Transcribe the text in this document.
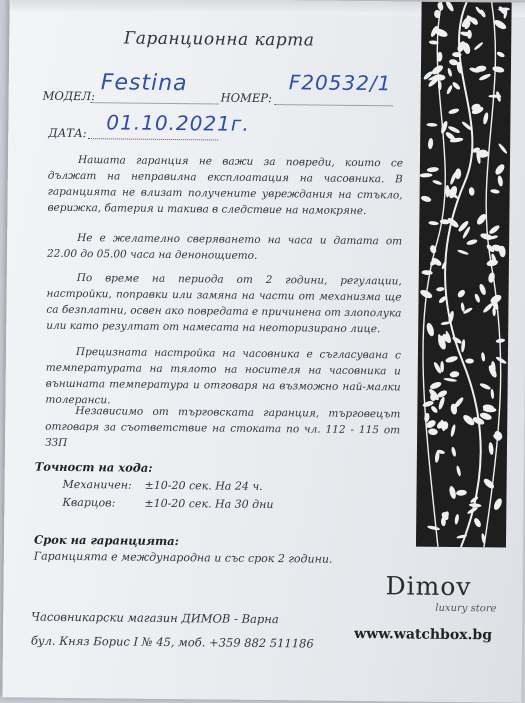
Гаранционна карта
МОДЕЛ: Festina
НОМЕР:
F20532/1
ДАТА: 01.10.2021г.
Нашата гаранция не важи за повреди, които се дължат на неправилна експлоатация на часовника. В гаранцията не влизат получените увреждания на стъкло, верижка, батерия и такива в следствие на намокряне.
Не е желателно сверяването на часа и датата от 22.00 до 05.00 часа на денонощието.
По време на периода от 2 години, регулации, настройки, поправки или замяна на части от механизма ще са безплатни, освен ако повредата е причинена от злополука или като резултат от намесата на неоторизирано лице.
Прецизната настройка на часовника е съгласувана с температурата на тялото на носителя на часовника и външната температура и отговаря на възможно най-малки толеранси.
Независимо от търговската гаранция, търговецът отговаря за съответствие на стоката по чл. 112 - 115 от ЗЗП
Точност на хода:
Механичен: ±10-20 сек. На 24 ч.
Кварцов:	±10-20 сек. На 30 дни
Срок на гаранцията:
Гаранцията е международна и със срок 2 години.
Часовникарски магазин ДИМОВ - Варна
бул. Княз Борис I № 45, моб. +359 882 511186	www.watchbox.bg
Dimov
luxury store
